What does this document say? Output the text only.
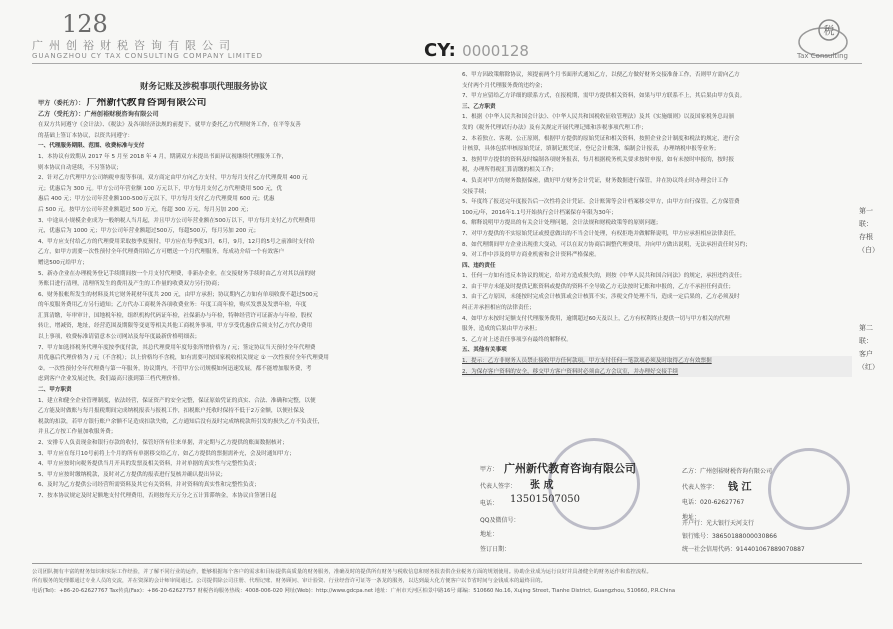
128
广州创裕财税咨询有限公司
GUANGZHOU CY TAX CONSULTING COMPANY LIMITED	CY: 0000128
税
Tax Consulting
财务记账及涉税事项代理服务协议

甲方（委托方）： 广州新代教育咨询有限公司

乙方（受托方）：广州创裕财税咨询有限公司

在双方共同遵守《会计法》、《税法》及各项经济法规的前提下，就甲方委托乙方代理财务工作，在平等友善

的基础上签订本协议，以资共同遵守：

一、代理服务期限、范围、收费标准与支付

1、本协议有效期从 2017 年 5 月至 2018 年 4 月，期满双方未提出书面异议视继续代理服务工作，

则本协议自动延续，不另签协议；

2、针对乙方代理甲方公司纳税申报等事项，双方商定由甲方向乙方支付，甲方每月支付乙方代理费用 400 元

元；优惠后为 300 元。甲方公司年营业额 100 万元以下，甲方每月支付乙方代理费用 500 元，优

惠后 400 元；甲方公司年营业额100-500万元以下，甲方每月支付乙方代理费用 600 元；优惠

后 500 元。按甲方公司年营业额超过 500 万元，每超 300 万元，每月另加 200 元；

3、中途从小规模企业成为一般纳税人当月起，并且甲方公司年营业额在500万以下，甲方每月支付乙方代理费用

元，优惠后为 1000 元；甲方公司年营业额超过500万，每超500万，每月另加 200 元；

4、甲方应支付给乙方的代理费用采取按季度预付，甲方应在每季度3月，6月，9月，12月的5号之前准时支付给

乙方，如甲方需要一次性预付全年代理费用给乙方可赠送一个月代理服务，每成功介绍一个有效客户

赠送500元给甲方；

5、新办企业在办理税务登记手续期间按一个月支付代理费，非新办企业，在交接财务手续时由乙方对其以前的财

务账目进行清理，清理所发生的费用及产生的工作量的收费双方另行协商；

6、财务报帐所发生的材料及其它财务耗材年度共 200 元，由甲方承担；协议期内乙方如有单项收费不超过500元

的年度服务费用乙方另行通知；乙方代办工商税务各项收费业务：年度工商年检，购买发票及发票年检，年度

汇算清缴，年审审计，国地税年检，组织机构代码证年检，社保新办与年检，特种经营许可证新办与年检，股权

转让，增减资，地址，经营范围及期限等变更等相关其他工商税务事项，甲方享受优惠价后须支付乙方代办费用

以上事项，收费标准请留意本公司网站及每年度最新价格明细表；

7、甲方如选择税务代理年度按季度付款，其总代理费用年度每张所增价格为 / 元；签定协议当天预付全年代理费

用优惠后代理价格为 / 元（不含税）；以上价格均不含税，如有需要可按国家税收相关规定 ① 一次性预付全年代理费用

②。一次性预付全年代理费与第一年服务，协议期内，不管甲方公司规模如何迅速发展，都不能增加服务费，考

虑到客户企业发展过快，我们最高只涨到第三档代理价格。

二、甲方职责

1、建立和健全企业管理制度，依法经营，保证资产的安全完整，保证原始凭证的真实、合法、准确和完整，以便

乙方能及时做账与每月报税期间完成纳税报表与报税工作，扣税账户托收时保持不低于2万金额，以便社保及

税款的扣款，若甲方银行账户余额不足造成扣款失败，乙方通知后没有及时完成纳税款所引发的损失乙方不负责任，

并且乙方按工作量加收服务费；

2、安排专人负责现金和银行存款的收付，保管好所有往来单据，并定期与乙方提供的账面数据核对；

3、甲方应在每月10号前将上个月的所有单据移交给乙方，如乙方提供的票据需补充，会及时通知甲方；

4、甲方应按时向税务提供当月开具的发票及相关资料，并对单据的真实性与完整性负责；

5、甲方应按时缴纳税款，及时对乙方提供的报表进行复核并确认提出异议；

6、及时为乙方提供公司经营所需资料及其它有关资料，并对资料的真实性和完整性负责；

7、按本协议规定及时足额地支付代理费用，否则按每天万分之五计算滞纳金，本协议自签署日起

6、甲方因政策解除协议，须提前两个月书面形式通知乙方，以便乙方做好财务交接准备工作，否则甲方需向乙方

支付两个月代理服务费的违约金；

7、甲方应留给乙方详细的联系方式，在报税期，需甲方提供相关资料，如果与甲方联系不上，其后果由甲方负责。

三、乙方职责

1、根据《中华人民共和国会计法》、《中华人民共和国税收征收管理法》及其《实施细则》以及国家税务总局颁

发的《税务代理试行办法》及有关规定开展代理记账和涉税事项代理工作；

2、本着独立、客观、公正原则，根据甲方提供的原始凭证和相关资料，按照企业会计制度和税法的规定，进行会

计核算，具体包括审核原始凭证，填制记账凭证，登记会计账簿，编制会计报表，办理纳税申报等业务；

3、按照甲方提供的资料及时编制各项财务报表，每月根据税务机关要求按时申报，如有未按时申报的，按时报

税，办理所得税汇算清缴的相关工作；

4、负责对甲方的财务数据保密，做好甲方财务会计凭证，财务数据进行保管，并在协议终止时办理会计工作

交接手续；

5、年度终了报送完年度报告后一次性将会计凭证、会计账簿等会计档案移交甲方，由甲方自行保管，乙方保管费

100元/年，2016年1.1号开始执行会计档案保存年限为30年；

6、解释说明甲方提出的有关会计处理问题，会计法规和财税政策等的原则问题；

7、对甲方提供的不实原始凭证或授意做出的不当会计处理，有权拒绝并做解释说明，甲方应承担相应法律责任，

8、如代理期间甲方企业出现重大变动，可以在双方协商后调整代理费用，并向甲方做出说明，无法承担责任时另约；

9、对工作中涉及的甲方商业机密和会计资料严格保密。

四、违约责任

1、任何一方如有违反本协议的规定，给对方造成损失的，则按《中华人民共和国合同法》的规定，承担违约责任；

2、由于甲方未能及时提供记账资料或提供的资料不全导致乙方无法按时记账和申报的，乙方不承担任何责任；

3、由于乙方原因，未能按时完成会计核算或会计核算不实，涉税文件处理不当，造成一定后果的，乙方必须及时

纠正并承担相应的法律责任；

4、如甲方未按时足额支付代理服务费用，逾期超过60天及以上，乙方有权利终止提供一切与甲方相关的代理

服务，造成的后果由甲方承担；

5、乙方对上述责任事项享有最终的解释权。

五、其他有关事项

1、提示：乙方非财务人员禁止接收甲方任何款项，甲方支付任何一笔款项必须及时取得乙方有效票据

2、为保存客户资料的安全，移交甲方客户资料时必须由乙方会议室，并办理好交接手续

甲方： 广州新代教育咨询有限公司
代表人签字： 张 成
电话： 13501507050
QQ及微信号：
地址：
签订日期：
乙方：广州创裕财税咨询有限公司
代表人签字： 钱 江
电话：020-62627767
地址：
开户行：光大银行天河支行
银行账号：38650188000030866
统一社会信用代码：914401067889070887
第一联：存根（白）
第二联：客户（红）
公司团队拥有丰富的财务知识和实际工作经验，并了解不同行业的运作，能够根据每个客户的需求和目标提供高质量的财务服务，准确及时的提供所有财务与税收信息和财务报表供企业税务方面的规划使用。协助企业成为运行良好并具备健全的财务运作和监控流程。
所有服务的处理都通过专业人员的交流，并在资深的会计师审阅通过。公司提供除公司注册、代理记账、财务顾问、审计验资、行业经营许可证等一条龙的服务，以达到最大化方便客户以节省时间与金钱成本的最终目的。
电话(Tel)：+86-20-62627767 Tax传真(Fax)：+86-20-62627757 财税咨询服务热线：4008-006-020 网址(Web)：http://www.gdcpa.net 地址：广州市天河区柏景中路16号 邮编：510660 No.16, Xujing Street, Tianhe District, Guangzhou, 510660, P.R.China
